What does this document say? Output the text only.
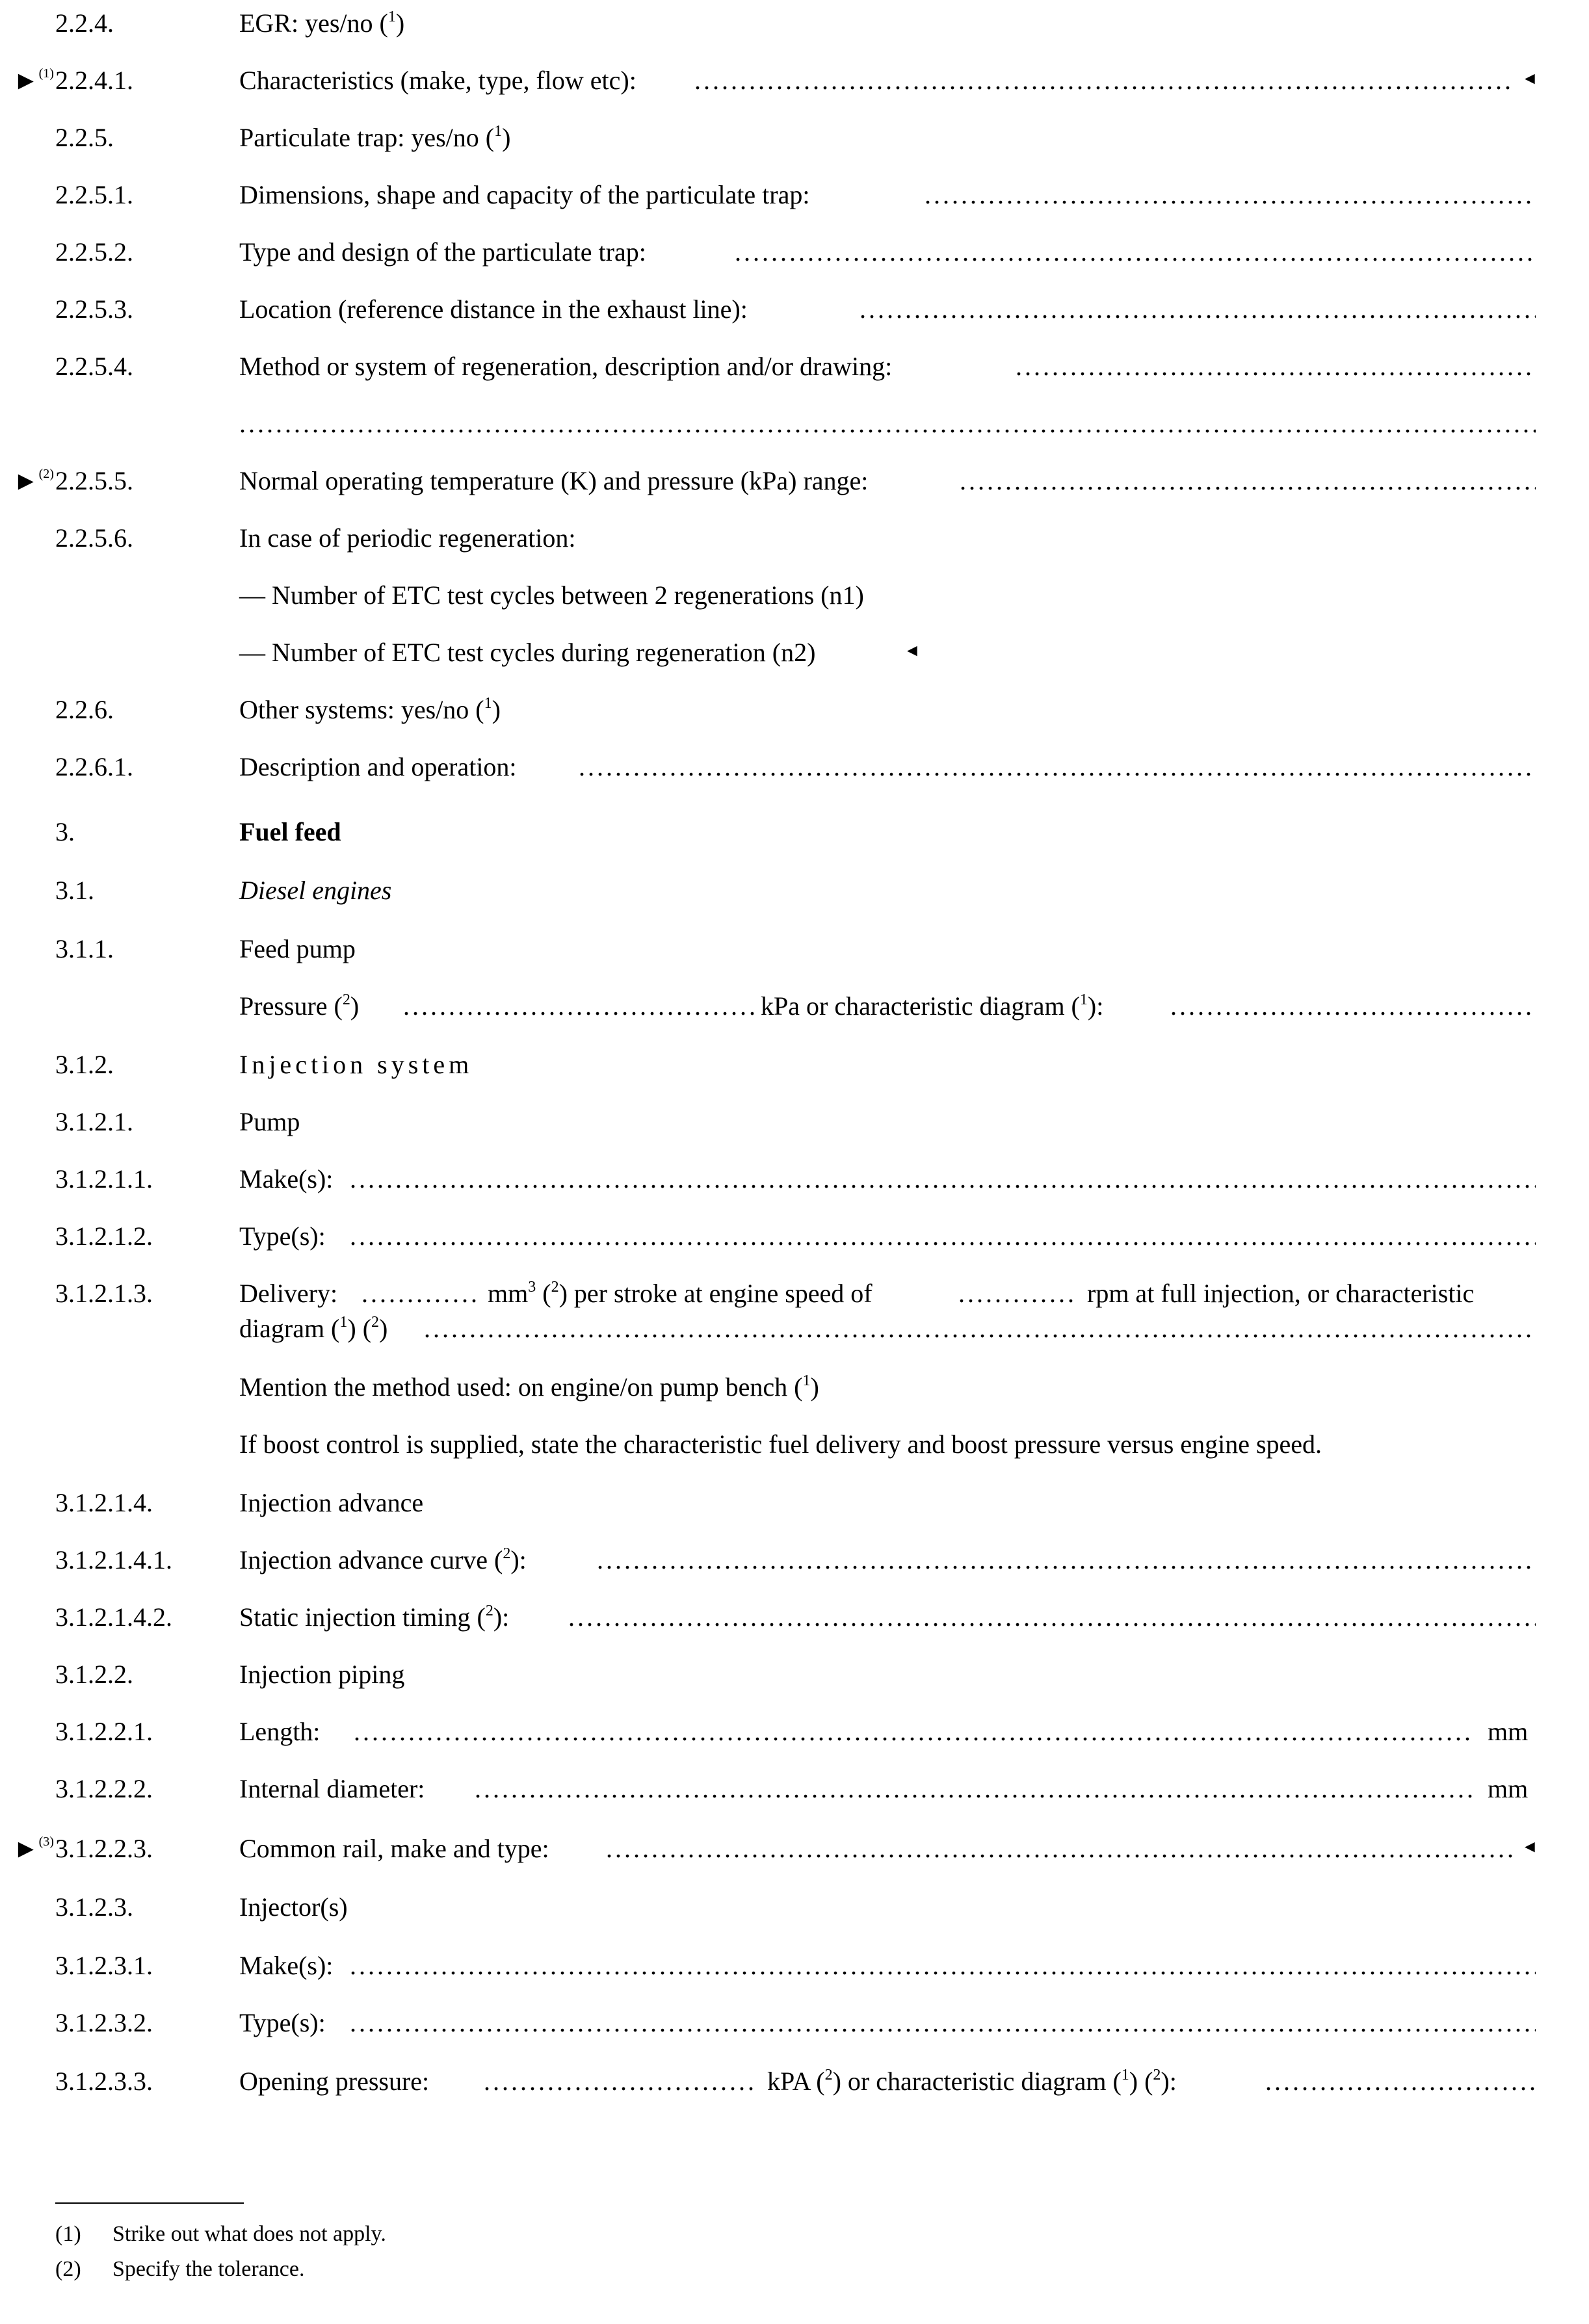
2.2.4.	EGR: yes/no ($^1$)
►$^{(1)}$ 2.2.4.1.	Characteristics (make, type, flow etc): .....	◄
2.2.5.	Particulate trap: yes/no ($^1$)
2.2.5.1.	Dimensions, shape and capacity of the particulate trap:
.....
2.2.5.2.	Type and design of the particulate trap:
.....
2.2.5.3.	Location (reference distance in the exhaust line):
.....
2.2.5.4.	Method or system of regeneration, description and/or drawing:
.....
.....
►$^{(2)}$ 2.2.5.5.	Normal operating temperature (K) and pressure (kPa) range:
.....
2.2.5.6.	In case of periodic regeneration:
— Number of ETC test cycles between 2 regenerations (n1)
— Number of ETC test cycles during regeneration (n2)	◄
2.2.6.	Other systems: yes/no ($^1$)
2.2.6.1.	Description and operation:
.....
3.	Fuel feed
3.1.	Diesel engines
3.1.1.	Feed pump
Pressure ($^2$) .....	kPa or characteristic diagram ($^1$):
.....
3.1.2.	Injection system
3.1.2.1.	Pump
3.1.2.1.1.	Make(s):
.....
3.1.2.1.2.	Type(s):
.....
3.1.2.1.3.	Delivery: .....	$mm^3$ ($^2$) per stroke at engine speed of .....	rpm at full injection, or characteristic
diagram ($^1$) ($^2$)
.....
Mention the method used: on engine/on pump bench ($^1$)
If boost control is supplied, state the characteristic fuel delivery and boost pressure versus engine speed.
3.1.2.1.4.	Injection advance
3.1.2.1.4.1.	Injection advance curve ($^2$):
.....
3.1.2.1.4.2.	Static injection timing ($^2$):
.....
3.1.2.2.	Injection piping
3.1.2.2.1.	Length: .....	mm
3.1.2.2.2.	Internal diameter: .....	mm
►$^{(3)}$ 3.1.2.2.3.	Common rail, make and type: .....	◄
3.1.2.3.	Injector(s)
3.1.2.3.1.	Make(s):
.....
3.1.2.3.2.	Type(s):
.....
3.1.2.3.3.	Opening pressure: .....	kPA ($^2$) or characteristic diagram ($^1$) ($^2$):
.....
(1) Strike out what does not apply.
(2) Specify the tolerance.
